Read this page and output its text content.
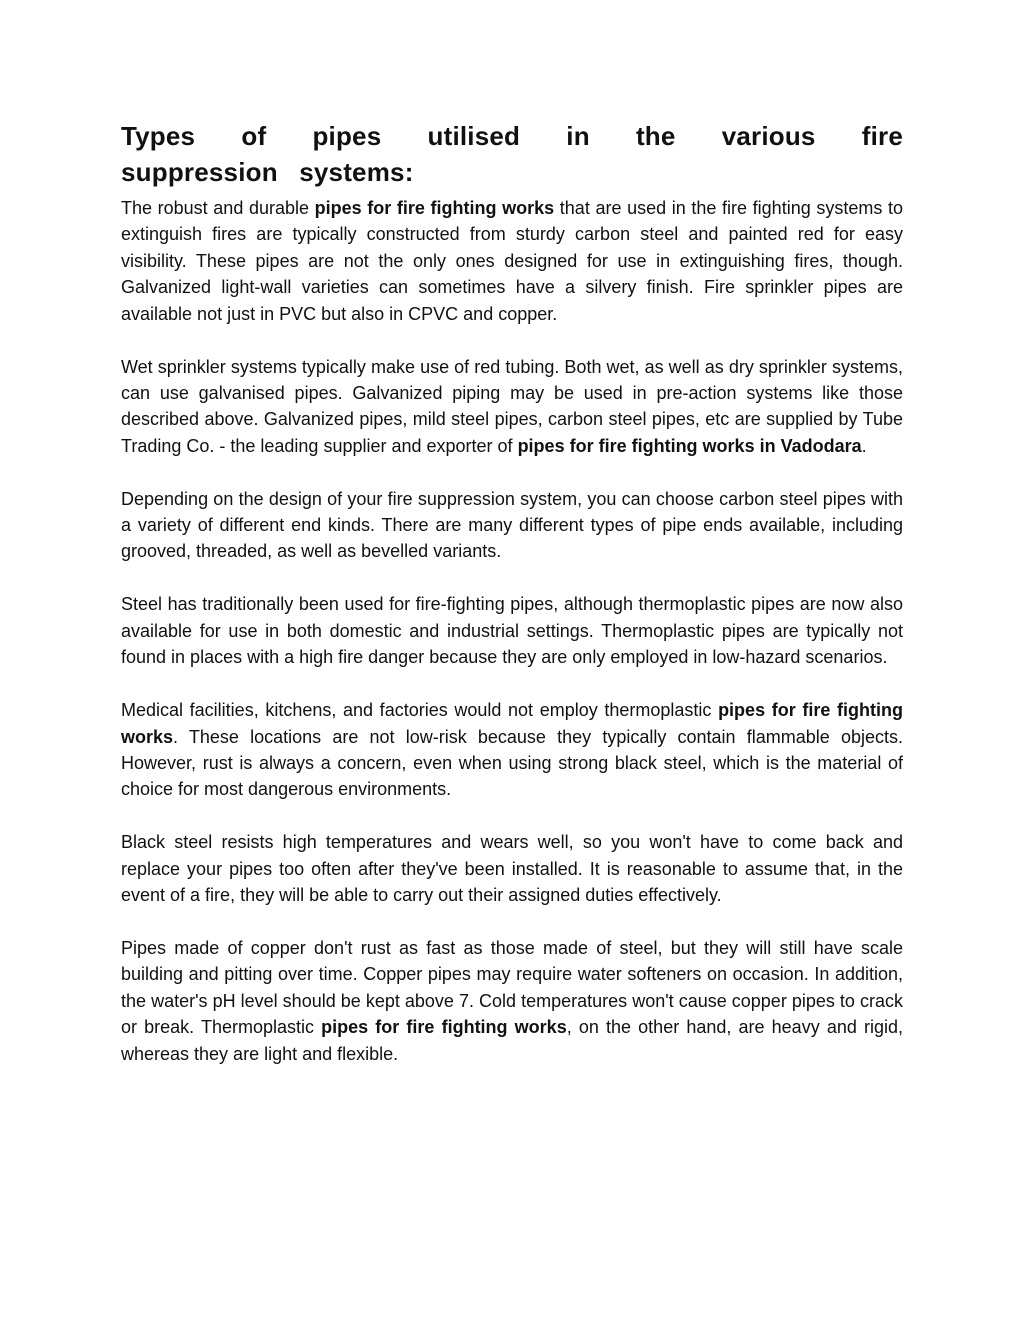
Types of pipes utilised in the various fire suppression systems:

The robust and durable pipes for fire fighting works that are used in the fire fighting systems to extinguish fires are typically constructed from sturdy carbon steel and painted red for easy visibility. These pipes are not the only ones designed for use in extinguishing fires, though. Galvanized light-wall varieties can sometimes have a silvery finish. Fire sprinkler pipes are available not just in PVC but also in CPVC and copper.

Wet sprinkler systems typically make use of red tubing. Both wet, as well as dry sprinkler systems, can use galvanised pipes. Galvanized piping may be used in pre-action systems like those described above. Galvanized pipes, mild steel pipes, carbon steel pipes, etc are supplied by Tube Trading Co. - the leading supplier and exporter of pipes for fire fighting works in Vadodara.

Depending on the design of your fire suppression system, you can choose carbon steel pipes with a variety of different end kinds. There are many different types of pipe ends available, including grooved, threaded, as well as bevelled variants.

Steel has traditionally been used for fire-fighting pipes, although thermoplastic pipes are now also available for use in both domestic and industrial settings. Thermoplastic pipes are typically not found in places with a high fire danger because they are only employed in low-hazard scenarios.

Medical facilities, kitchens, and factories would not employ thermoplastic pipes for fire fighting works. These locations are not low-risk because they typically contain flammable objects. However, rust is always a concern, even when using strong black steel, which is the material of choice for most dangerous environments.

Black steel resists high temperatures and wears well, so you won't have to come back and replace your pipes too often after they've been installed. It is reasonable to assume that, in the event of a fire, they will be able to carry out their assigned duties effectively.

Pipes made of copper don't rust as fast as those made of steel, but they will still have scale building and pitting over time. Copper pipes may require water softeners on occasion. In addition, the water's pH level should be kept above 7. Cold temperatures won't cause copper pipes to crack or break. Thermoplastic pipes for fire fighting works, on the other hand, are heavy and rigid, whereas they are light and flexible.
